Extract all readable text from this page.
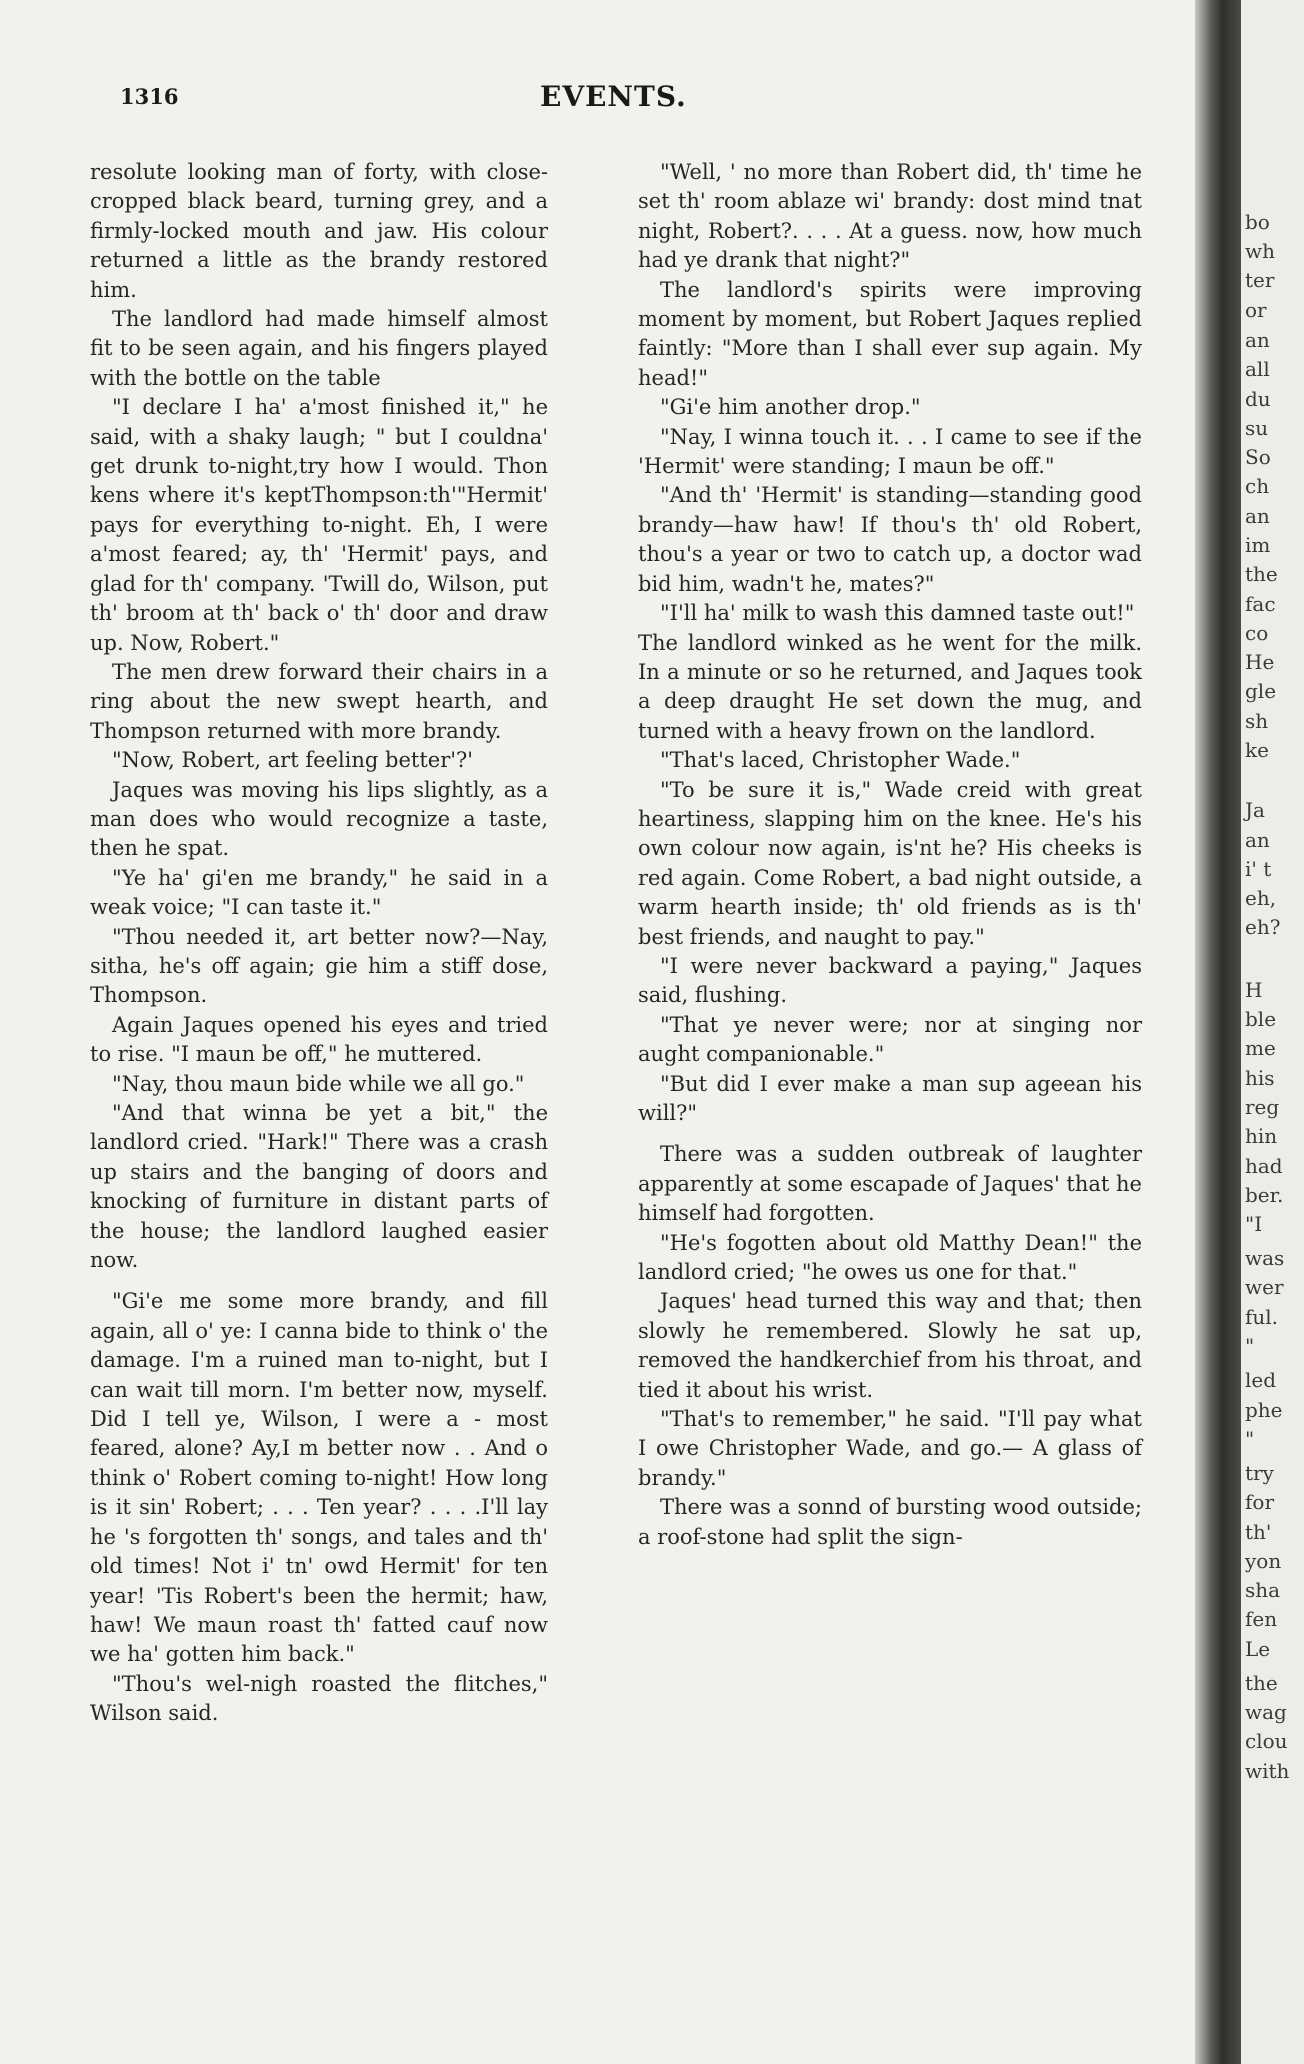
1316	EVENTS.

resolute looking man of forty, with close-cropped black beard, turning grey, and a firmly-locked mouth and jaw. His colour returned a little as the brandy restored him.

The landlord had made himself almost fit to be seen again, and his fingers played with the bottle on the table

"I declare I ha' a'most finished it," he said, with a shaky laugh; " but I couldna' get drunk to-night,try how I would. Thon kens where it's keptThompson:th'"Hermit' pays for everything to-night. Eh, I were a'most feared; ay, th' 'Hermit' pays, and glad for th' company. 'Twill do, Wilson, put th' broom at th' back o' th' door and draw up. Now, Robert."

The men drew forward their chairs in a ring about the new swept hearth, and Thompson returned with more brandy.

"Now, Robert, art feeling better'?'

Jaques was moving his lips slightly, as a man does who would recognize a taste, then he spat.

"Ye ha' gi'en me brandy," he said in a weak voice; "I can taste it."

"Thou needed it, art better now?—Nay, sitha, he's off again; gie him a stiff dose, Thompson.

Again Jaques opened his eyes and tried to rise. "I maun be off," he muttered.

"Nay, thou maun bide while we all go."

"And that winna be yet a bit," the landlord cried. "Hark!" There was a crash up stairs and the banging of doors and knocking of furniture in distant parts of the house; the landlord laughed easier now.

"Gi'e me some more brandy, and fill again, all o' ye: I canna bide to think o' the damage. I'm a ruined man to-night, but I can wait till morn. I'm better now, myself. Did I tell ye, Wilson, I were a - most feared, alone? Ay,I m better now . . And o think o' Robert coming to-night! How long is it sin' Robert; . . . Ten year? . . . .I'll lay he 's forgotten th' songs, and tales and th' old times! Not i' tn' owd Hermit' for ten year! 'Tis Robert's been the hermit; haw, haw! We maun roast th' fatted cauf now we ha' gotten him back."

"Thou's wel-nigh roasted the flitches," Wilson said.

"Well, ' no more than Robert did, th' time he set th' room ablaze wi' brandy: dost mind tnat night, Robert?. . . . At a guess. now, how much had ye drank that night?"

The landlord's spirits were improving moment by moment, but Robert Jaques replied faintly: "More than I shall ever sup again. My head!"

"Gi'e him another drop."

"Nay, I winna touch it. . . I came to see if the 'Hermit' were standing; I maun be off."

"And th' 'Hermit' is standing—standing good brandy—haw haw! If thou's th' old Robert, thou's a year or two to catch up, a doctor wad bid him, wadn't he, mates?"

"I'll ha' milk to wash this damned taste out!"

The landlord winked as he went for the milk. In a minute or so he returned, and Jaques took a deep draught He set down the mug, and turned with a heavy frown on the landlord.

"That's laced, Christopher Wade."

"To be sure it is," Wade creid with great heartiness, slapping him on the knee. He's his own colour now again, is'nt he? His cheeks is red again. Come Robert, a bad night outside, a warm hearth inside; th' old friends as is th' best friends, and naught to pay."

"I were never backward a paying," Jaques said, flushing.

"That ye never were; nor at singing nor aught companionable."

"But did I ever make a man sup ageean his will?"

There was a sudden outbreak of laughter apparently at some escapade of Jaques' that he himself had forgotten.

"He's fogotten about old Matthy Dean!" the landlord cried; "he owes us one for that."

Jaques' head turned this way and that; then slowly he remembered. Slowly he sat up, removed the handkerchief from his throat, and tied it about his wrist.

"That's to remember," he said. "I'll pay what I owe Christopher Wade, and go.— A glass of brandy."

There was a sonnd of bursting wood outside; a roof-stone had split the sign-

bo
wh
ter
or
an
all
du
su
So
ch
an
im
the
fac
co
He
gle
sh
ke
Ja
an
i' t
eh,
eh?
H
ble
me
his
reg
hin
had
ber.
"I
was
wer
ful.
"
led
phe
"
try
for
th'
yon
sha
fen
Le
the
wag
clou
with
